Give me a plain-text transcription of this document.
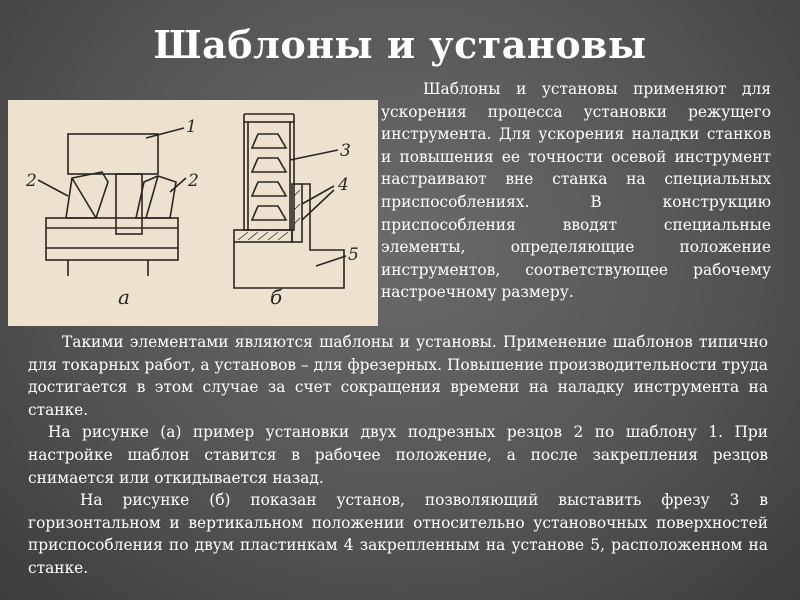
Шаблоны и установы
1
2	2
3
4
5
а	б

Шаблоны и установы применяют для ускорения процесса установки режущего инструмента. Для ускорения наладки станков и повышения ее точности осевой инструмент настраивают вне станка на специальных приспособлениях. В конструкцию приспособления вводят специальные элементы, определяющие положение инструментов, соответствующее рабочему настроечному размеру.

Такими элементами являются шаблоны и установы. Применение шаблонов типично для токарных работ, а установов – для фрезерных. Повышение производительности труда достигается в этом случае за счет сокращения времени на наладку инструмента на станке.

На рисунке (а) пример установки двух подрезных резцов 2 по шаблону 1. При настройке шаблон ставится в рабочее положение, а после закрепления резцов снимается или откидывается назад.

На рисунке (б) показан установ, позволяющий выставить фрезу 3 в горизонтальном и вертикальном положении относительно установочных поверхностей приспособления по двум пластинкам 4 закрепленным на установе 5, расположенном на станке.
